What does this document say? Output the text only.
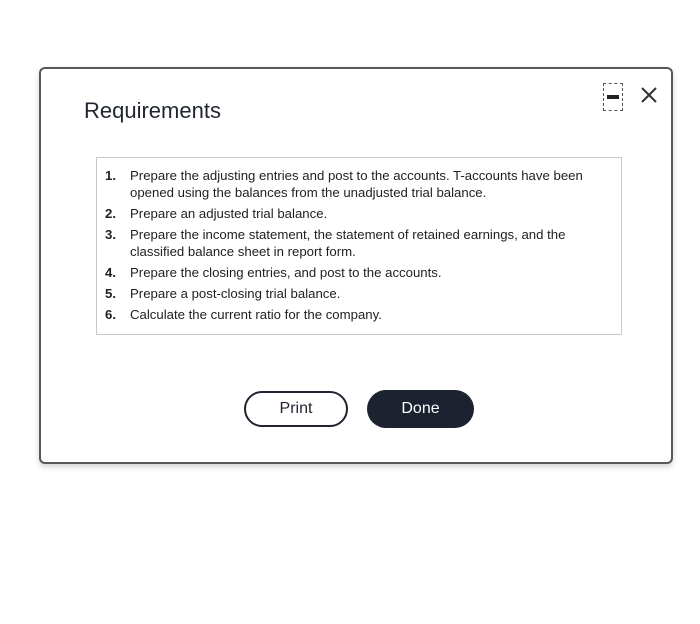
Requirements
1.	Prepare the adjusting entries and post to the accounts. T-accounts have been opened using the balances from the unadjusted trial balance.
2.	Prepare an adjusted trial balance.
3.	Prepare the income statement, the statement of retained earnings, and the classified balance sheet in report form.
4.	Prepare the closing entries, and post to the accounts.
5.	Prepare a post-closing trial balance.
6.	Calculate the current ratio for the company.
Print	Done
